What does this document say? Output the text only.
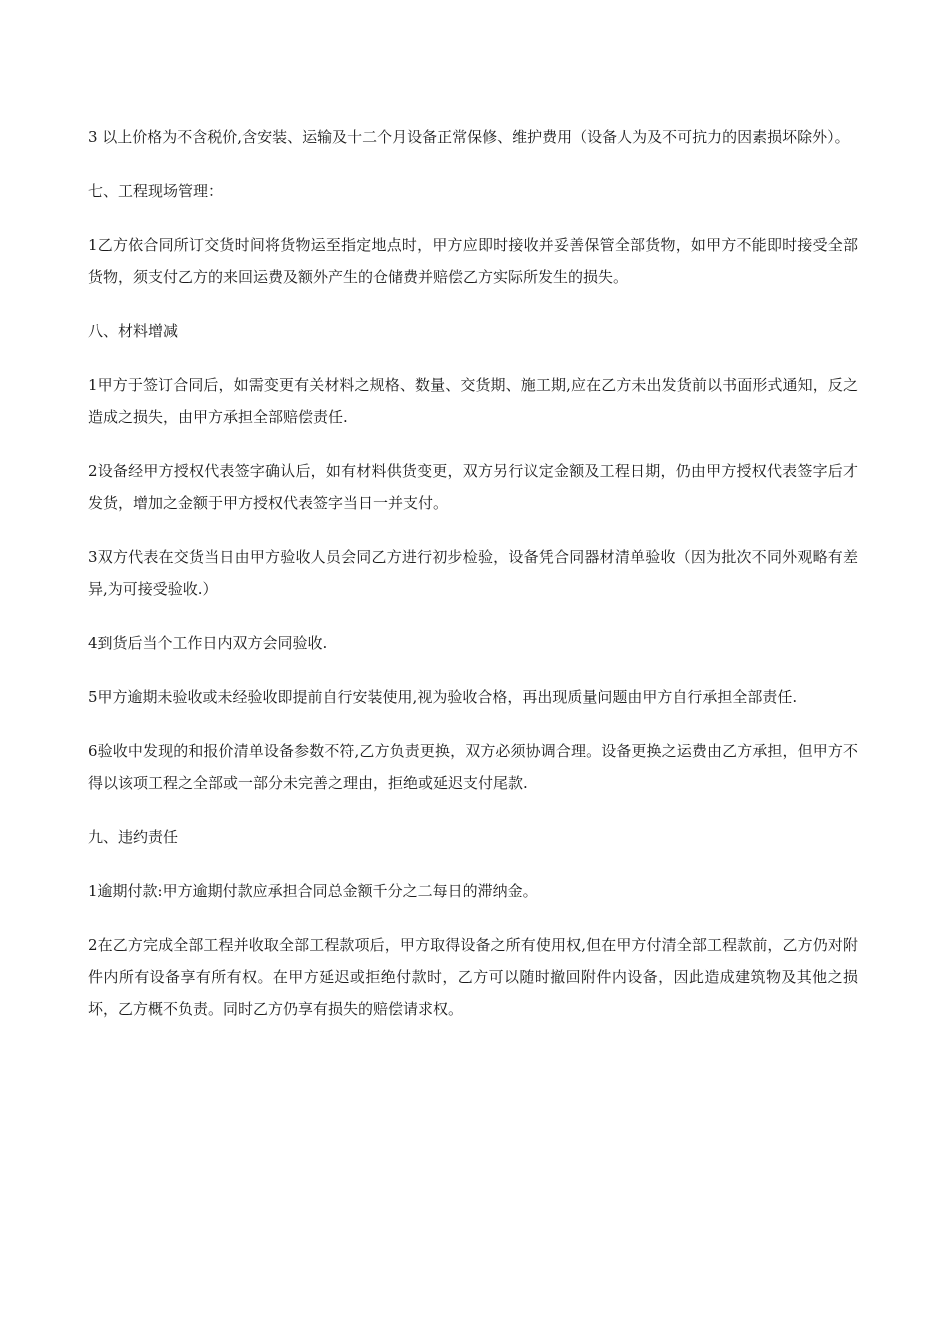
3 以上价格为不含税价,含安装、运输及十二个月设备正常保修、维护费用（设备人为及不可抗力的因素损坏除外）。

七、工程现场管理：

1乙方依合同所订交货时间将货物运至指定地点时，甲方应即时接收并妥善保管全部货物，如甲方不能即时接受全部货物，须支付乙方的来回运费及额外产生的仓储费并赔偿乙方实际所发生的损失。

八、材料增减

1甲方于签订合同后，如需变更有关材料之规格、数量、交货期、施工期,应在乙方未出发货前以书面形式通知，反之造成之损失，由甲方承担全部赔偿责任.

2设备经甲方授权代表签字确认后，如有材料供货变更，双方另行议定金额及工程日期，仍由甲方授权代表签字后才发货，增加之金额于甲方授权代表签字当日一并支付。

3双方代表在交货当日由甲方验收人员会同乙方进行初步检验，设备凭合同器材清单验收（因为批次不同外观略有差异,为可接受验收.）

4到货后当个工作日内双方会同验收.

5甲方逾期未验收或未经验收即提前自行安装使用,视为验收合格，再出现质量问题由甲方自行承担全部责任.

6验收中发现的和报价清单设备参数不符,乙方负责更换，双方必须协调合理。设备更换之运费由乙方承担，但甲方不得以该项工程之全部或一部分未完善之理由，拒绝或延迟支付尾款.

九、违约责任

1逾期付款:甲方逾期付款应承担合同总金额千分之二每日的滞纳金。

2在乙方完成全部工程并收取全部工程款项后，甲方取得设备之所有使用权,但在甲方付清全部工程款前，乙方仍对附件内所有设备享有所有权。在甲方延迟或拒绝付款时，乙方可以随时撤回附件内设备，因此造成建筑物及其他之损坏，乙方概不负责。同时乙方仍享有损失的赔偿请求权。
